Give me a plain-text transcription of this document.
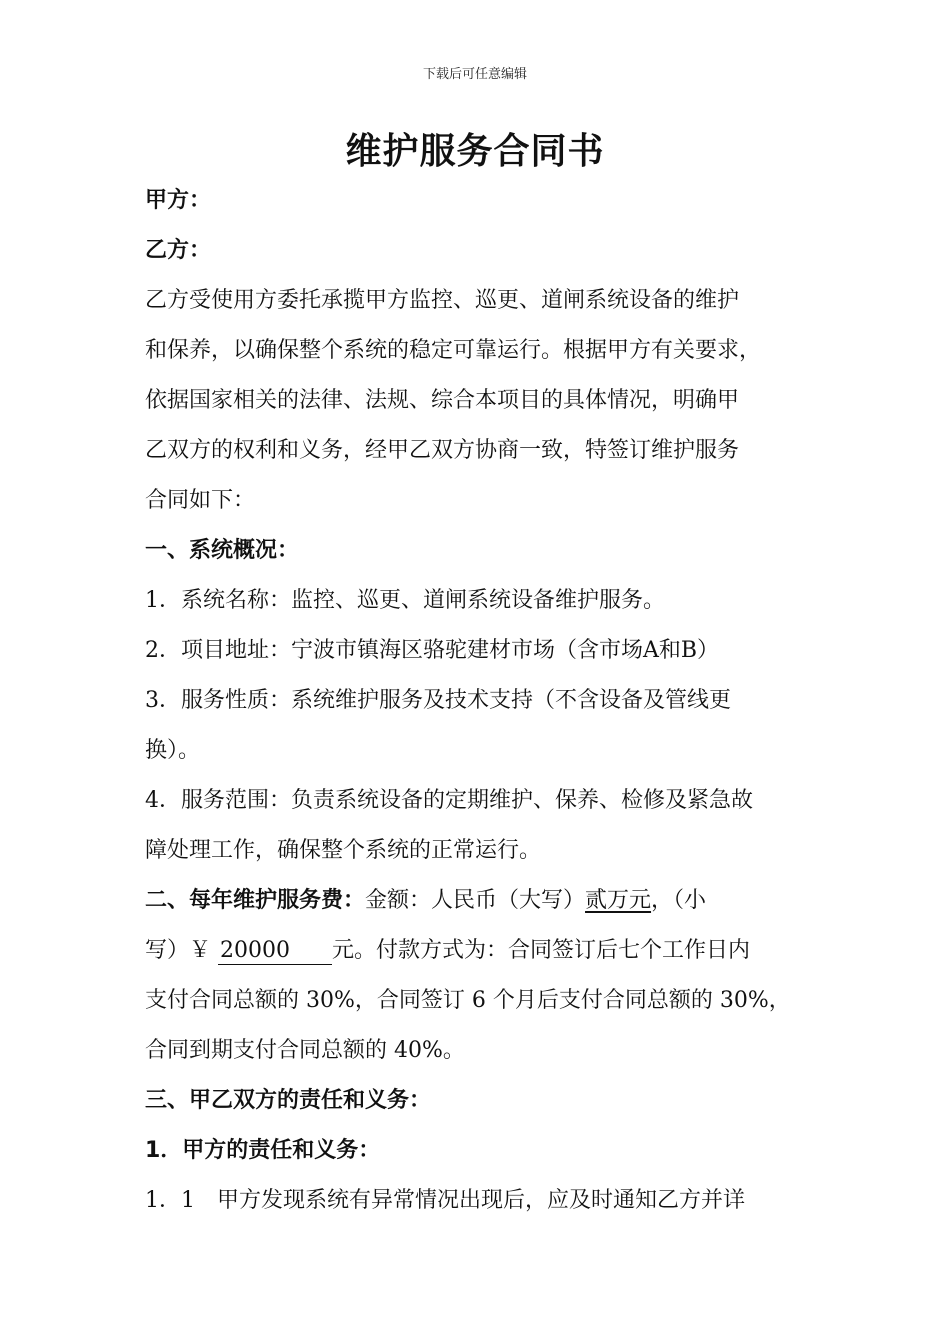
下载后可任意编辑
维护服务合同书
甲方：
乙方：
乙方受使用方委托承揽甲方监控、巡更、道闸系统设备的维护
和保养，以确保整个系统的稳定可靠运行。根据甲方有关要求，
依据国家相关的法律、法规、综合本项目的具体情况，明确甲
乙双方的权利和义务，经甲乙双方协商一致，特签订维护服务
合同如下：
一、系统概况：
1．系统名称：监控、巡更、道闸系统设备维护服务。
2．项目地址：宁波市镇海区骆驼建材市场（含市场A和B）
3．服务性质：系统维护服务及技术支持（不含设备及管线更
换）。
4．服务范围：负责系统设备的定期维护、保养、检修及紧急故
障处理工作，确保整个系统的正常运行。
二、每年维护服务费：金额：人民币（大写）贰万元，（小
写）￥ 20000 元。付款方式为：合同签订后七个工作日内
支付合同总额的 30%，合同签订 6 个月后支付合同总额的 30%，
合同到期支付合同总额的 40%。
三、甲乙双方的责任和义务：
1．甲方的责任和义务：
1．1　甲方发现系统有异常情况出现后，应及时通知乙方并详
